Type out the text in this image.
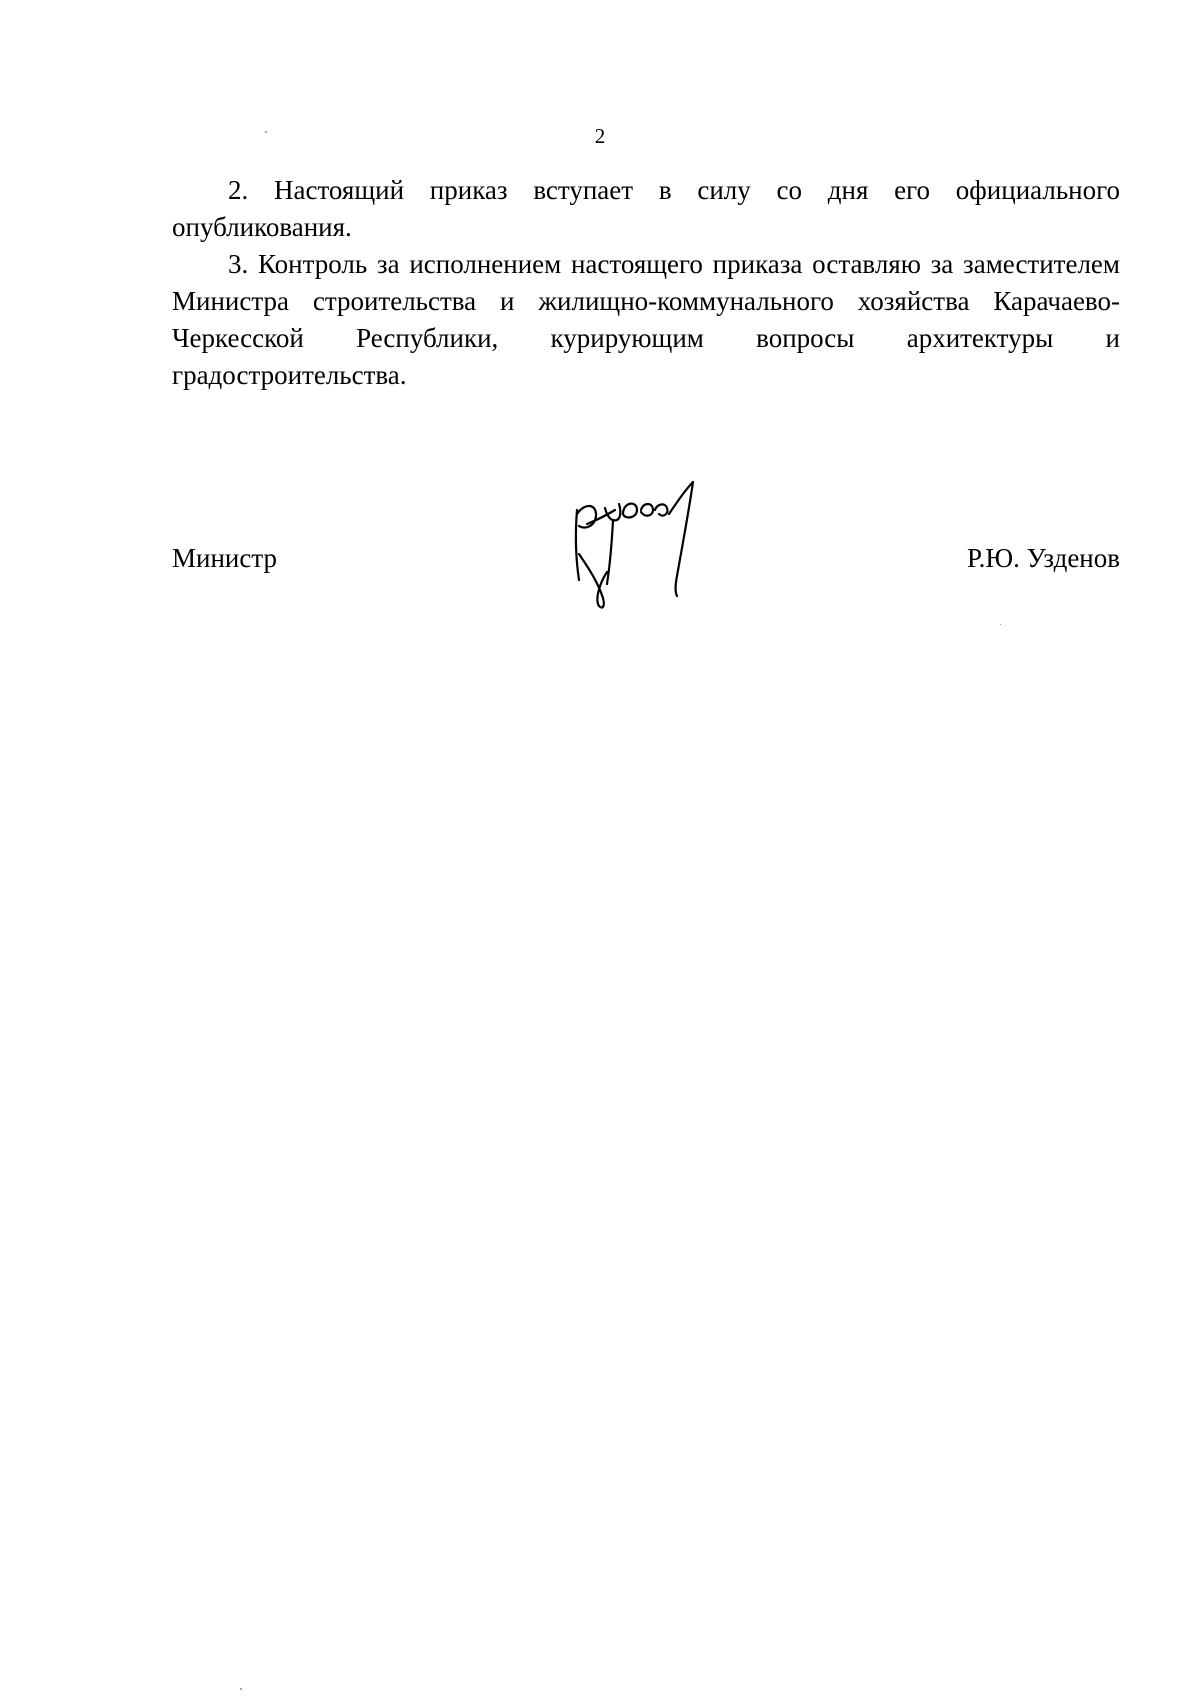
2

2. Настоящий приказ вступает в силу со дня его официального опубликования.

3. Контроль за исполнением настоящего приказа оставляю за заместителем Министра строительства и жилищно-коммунального хозяйства Карачаево-Черкесской Республики, курирующим вопросы архитектуры и градостроительства.

Министр	Р.Ю. Узденов
